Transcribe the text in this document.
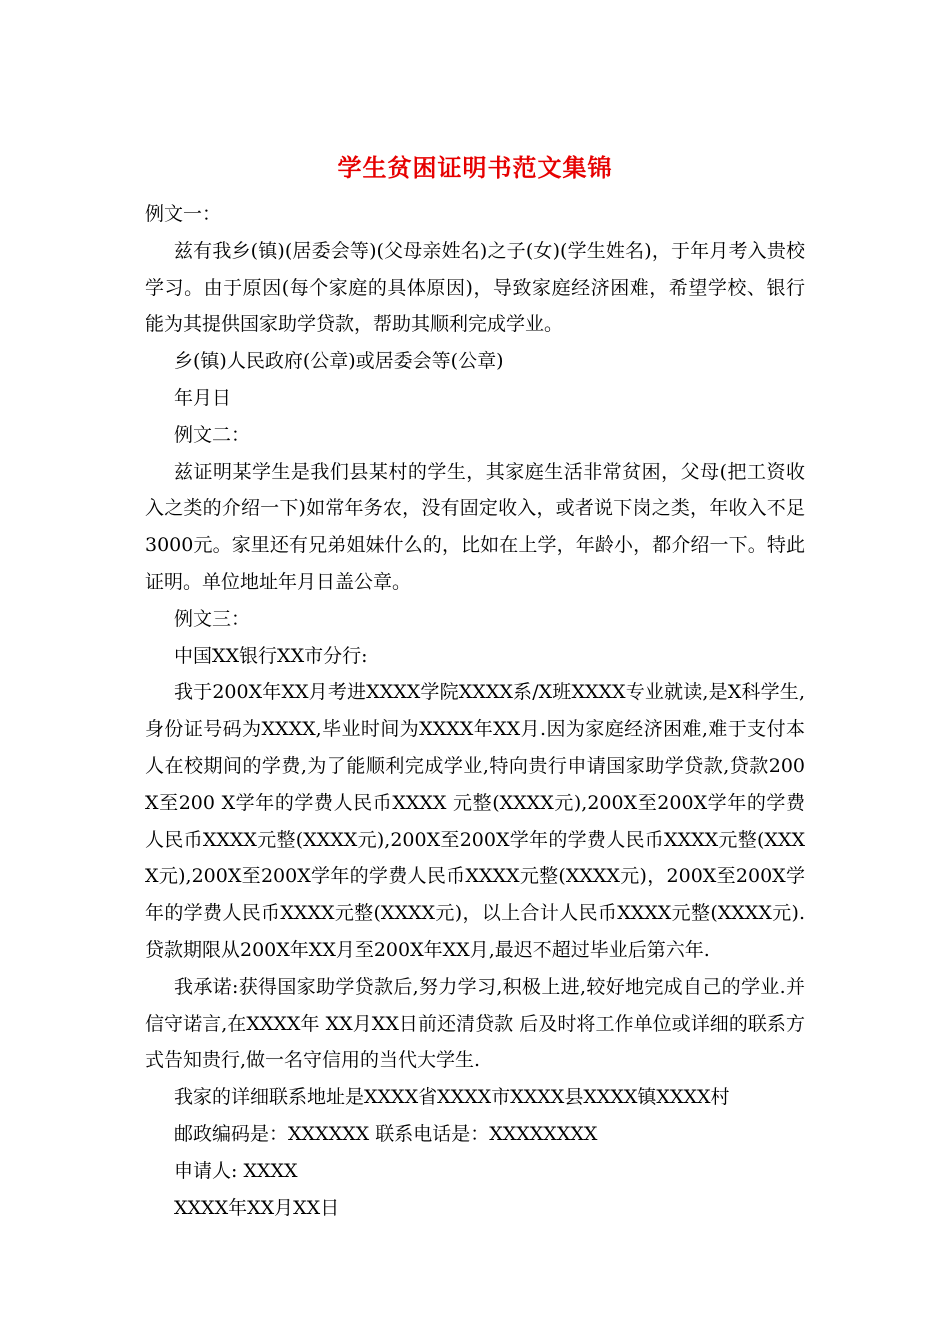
学生贫困证明书范文集锦

例文一：

兹有我乡(镇)(居委会等)(父母亲姓名)之子(女)(学生姓名)，于年月考入贵校学习。由于原因(每个家庭的具体原因)，导致家庭经济困难，希望学校、银行能为其提供国家助学贷款，帮助其顺利完成学业。

乡(镇)人民政府(公章)或居委会等(公章)

年月日

例文二：

兹证明某学生是我们县某村的学生，其家庭生活非常贫困，父母(把工资收入之类的介绍一下)如常年务农，没有固定收入，或者说下岗之类，年收入不足3000元。家里还有兄弟姐妹什么的，比如在上学，年龄小，都介绍一下。特此证明。单位地址年月日盖公章。

例文三：

中国XX银行XX市分行:

我于200X年XX月考进XXXX学院XXXX系/X班XXXX专业就读,是X科学生,身份证号码为XXXX,毕业时间为XXXX年XX月.因为家庭经济困难,难于支付本人在校期间的学费,为了能顺利完成学业,特向贵行申请国家助学贷款,贷款200 X至200 X学年的学费人民币XXXX 元整(XXXX元),200X至200X学年的学费人民币XXXX元整(XXXX元),200X至200X学年的学费人民币XXXX元整(XXXX元),200X至200X学年的学费人民币XXXX元整(XXXX元)，200X至200X学年的学费人民币XXXX元整(XXXX元)，以上合计人民币XXXX元整(XXXX元).贷款期限从200X年XX月至200X年XX月,最迟不超过毕业后第六年.

我承诺:获得国家助学贷款后,努力学习,积极上进,较好地完成自己的学业.并信守诺言,在XXXX年 XX月XX日前还清贷款 后及时将工作单位或详细的联系方式告知贵行,做一名守信用的当代大学生.

我家的详细联系地址是XXXX省XXXX市XXXX县XXXX镇XXXX村

邮政编码是：XXXXXX 联系电话是：XXXXXXXX

申请人: XXXX

XXXX年XX月XX日
